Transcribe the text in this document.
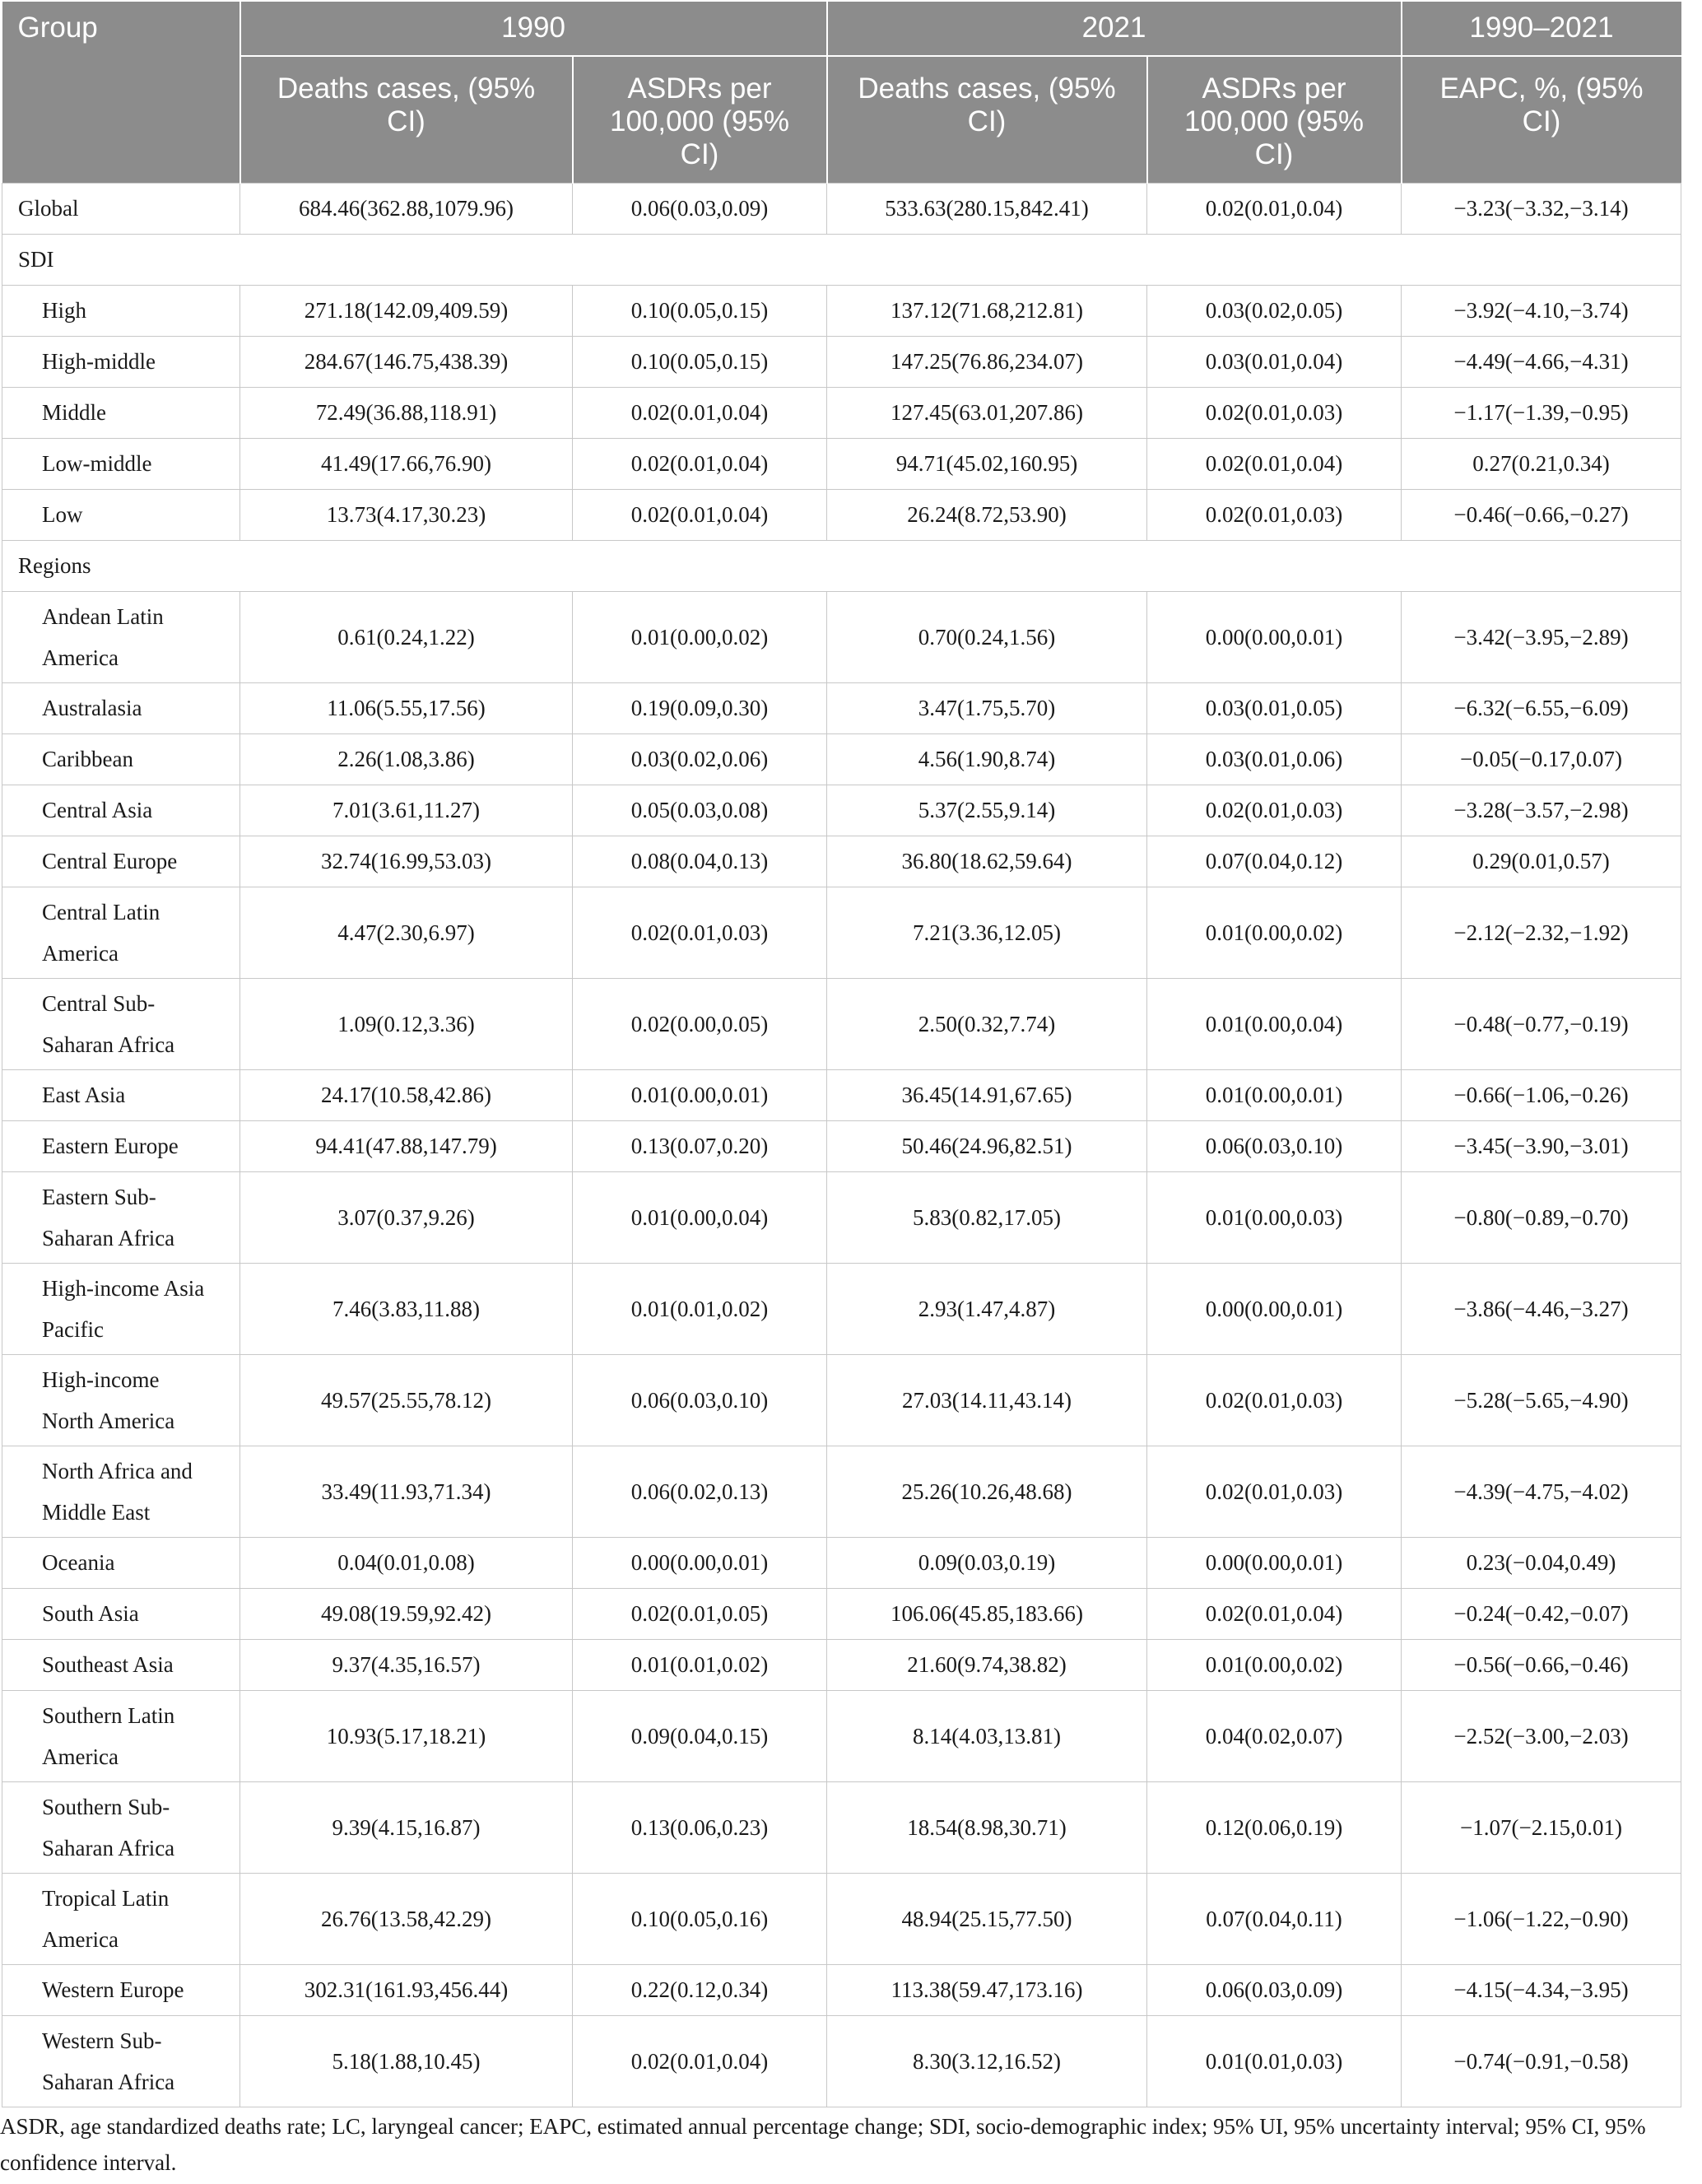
Group	1990		2021		1990–2021
	Deaths cases, (95% CI)	ASDRs per 100,000 (95% CI)	Deaths cases, (95% CI)	ASDRs per 100,000 (95% CI)	EAPC, %, (95% CI)

Global	684.46(362.88,1079.96)	0.06(0.03,0.09)	533.63(280.15,842.41)	0.02(0.01,0.04)	−3.23(−3.32,−3.14)
SDI					

High	271.18(142.09,409.59)	0.10(0.05,0.15)	137.12(71.68,212.81)	0.03(0.02,0.05)	−3.92(−4.10,−3.74)

High-middle	284.67(146.75,438.39)	0.10(0.05,0.15)	147.25(76.86,234.07)	0.03(0.01,0.04)	−4.49(−4.66,−4.31)

Middle	72.49(36.88,118.91)	0.02(0.01,0.04)	127.45(63.01,207.86)	0.02(0.01,0.03)	−1.17(−1.39,−0.95)

Low-middle	41.49(17.66,76.90)	0.02(0.01,0.04)	94.71(45.02,160.95)	0.02(0.01,0.04)	0.27(0.21,0.34)

Low	13.73(4.17,30.23)	0.02(0.01,0.04)	26.24(8.72,53.90)	0.02(0.01,0.03)	−0.46(−0.66,−0.27)
Regions					

Andean Latin
America	0.61(0.24,1.22)	0.01(0.00,0.02)	0.70(0.24,1.56)	0.00(0.00,0.01)	−3.42(−3.95,−2.89)

Australasia	11.06(5.55,17.56)	0.19(0.09,0.30)	3.47(1.75,5.70)	0.03(0.01,0.05)	−6.32(−6.55,−6.09)

Caribbean	2.26(1.08,3.86)	0.03(0.02,0.06)	4.56(1.90,8.74)	0.03(0.01,0.06)	−0.05(−0.17,0.07)

Central Asia	7.01(3.61,11.27)	0.05(0.03,0.08)	5.37(2.55,9.14)	0.02(0.01,0.03)	−3.28(−3.57,−2.98)

Central Europe	32.74(16.99,53.03)	0.08(0.04,0.13)	36.80(18.62,59.64)	0.07(0.04,0.12)	0.29(0.01,0.57)

Central Latin
America	4.47(2.30,6.97)	0.02(0.01,0.03)	7.21(3.36,12.05)	0.01(0.00,0.02)	−2.12(−2.32,−1.92)

Central Sub-
Saharan Africa	1.09(0.12,3.36)	0.02(0.00,0.05)	2.50(0.32,7.74)	0.01(0.00,0.04)	−0.48(−0.77,−0.19)

East Asia	24.17(10.58,42.86)	0.01(0.00,0.01)	36.45(14.91,67.65)	0.01(0.00,0.01)	−0.66(−1.06,−0.26)

Eastern Europe	94.41(47.88,147.79)	0.13(0.07,0.20)	50.46(24.96,82.51)	0.06(0.03,0.10)	−3.45(−3.90,−3.01)

Eastern Sub-
Saharan Africa	3.07(0.37,9.26)	0.01(0.00,0.04)	5.83(0.82,17.05)	0.01(0.00,0.03)	−0.80(−0.89,−0.70)

High-income Asia
Pacific	7.46(3.83,11.88)	0.01(0.01,0.02)	2.93(1.47,4.87)	0.00(0.00,0.01)	−3.86(−4.46,−3.27)

High-income
North America	49.57(25.55,78.12)	0.06(0.03,0.10)	27.03(14.11,43.14)	0.02(0.01,0.03)	−5.28(−5.65,−4.90)

North Africa and
Middle East	33.49(11.93,71.34)	0.06(0.02,0.13)	25.26(10.26,48.68)	0.02(0.01,0.03)	−4.39(−4.75,−4.02)

Oceania	0.04(0.01,0.08)	0.00(0.00,0.01)	0.09(0.03,0.19)	0.00(0.00,0.01)	0.23(−0.04,0.49)

South Asia	49.08(19.59,92.42)	0.02(0.01,0.05)	106.06(45.85,183.66)	0.02(0.01,0.04)	−0.24(−0.42,−0.07)

Southeast Asia	9.37(4.35,16.57)	0.01(0.01,0.02)	21.60(9.74,38.82)	0.01(0.00,0.02)	−0.56(−0.66,−0.46)

Southern Latin
America	10.93(5.17,18.21)	0.09(0.04,0.15)	8.14(4.03,13.81)	0.04(0.02,0.07)	−2.52(−3.00,−2.03)

Southern Sub-
Saharan Africa	9.39(4.15,16.87)	0.13(0.06,0.23)	18.54(8.98,30.71)	0.12(0.06,0.19)	−1.07(−2.15,0.01)

Tropical Latin
America	26.76(13.58,42.29)	0.10(0.05,0.16)	48.94(25.15,77.50)	0.07(0.04,0.11)	−1.06(−1.22,−0.90)

Western Europe	302.31(161.93,456.44)	0.22(0.12,0.34)	113.38(59.47,173.16)	0.06(0.03,0.09)	−4.15(−4.34,−3.95)

Western Sub-
Saharan Africa	5.18(1.88,10.45)	0.02(0.01,0.04)	8.30(3.12,16.52)	0.01(0.01,0.03)	−0.74(−0.91,−0.58)

ASDR, age standardized deaths rate; LC, laryngeal cancer; EAPC, estimated annual percentage change; SDI, socio-demographic index; 95% UI, 95% uncertainty interval; 95% CI, 95% confidence interval.
